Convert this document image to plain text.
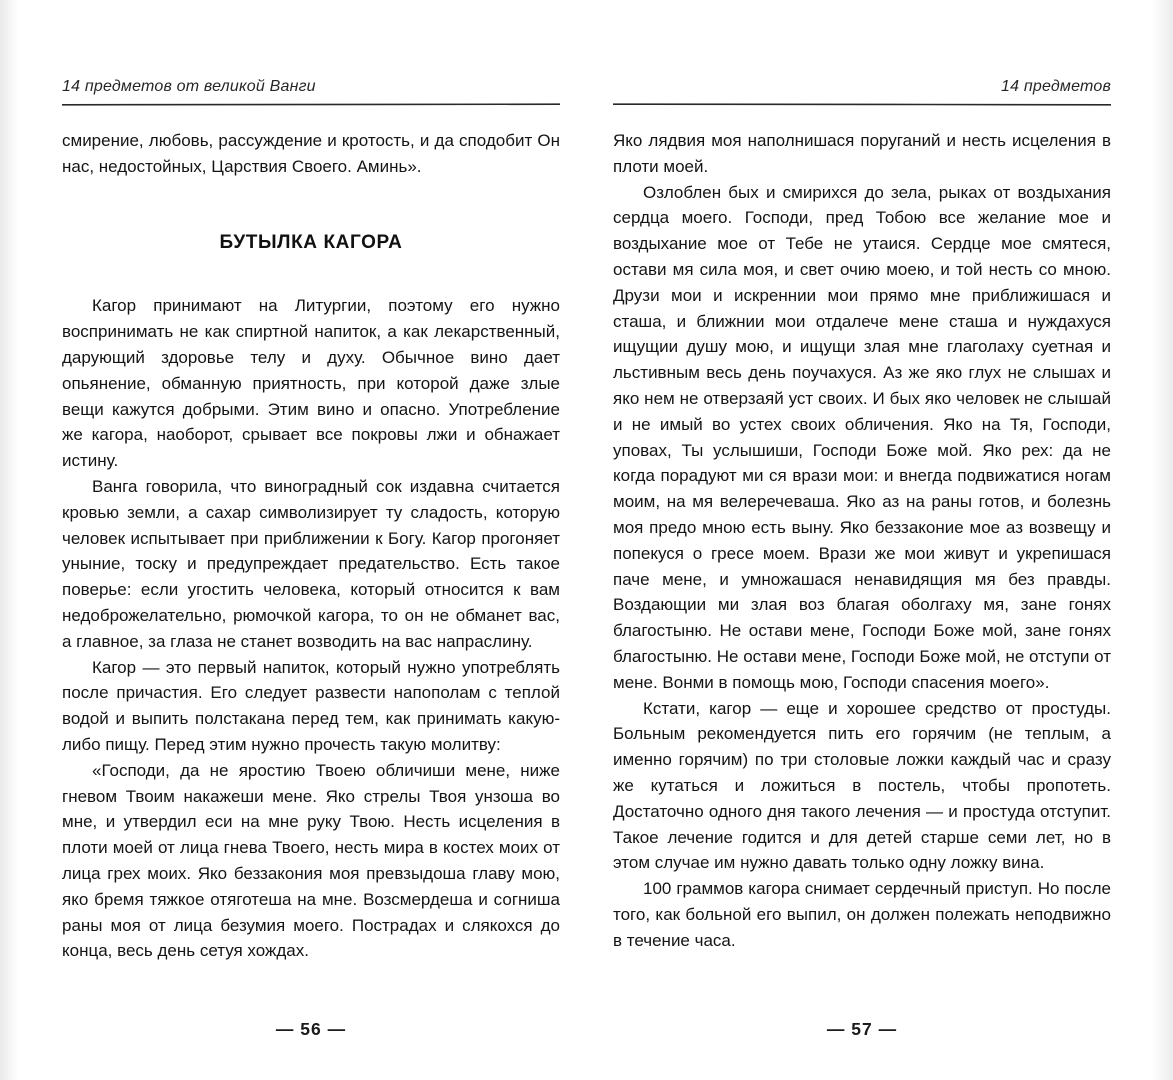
14 предметов от великой Ванги

смирение, любовь, рассуждение и кротость, и да сподобит Он нас, недостойных, Царствия Своего. Аминь».

БУТЫЛКА КАГОРА

Кагор принимают на Литургии, поэтому его нужно воспринимать не как спиртной напиток, а как лекарственный, дарующий здоровье телу и духу. Обычное вино дает опьянение, обманную приятность, при которой даже злые вещи кажутся добрыми. Этим вино и опасно. Употребление же кагора, наоборот, срывает все покровы лжи и обнажает истину.

Ванга говорила, что виноградный сок издавна считается кровью земли, а сахар символизирует ту сладость, которую человек испытывает при приближении к Богу. Кагор прогоняет уныние, тоску и предупреждает предательство. Есть такое поверье: если угостить человека, который относится к вам недоброжелательно, рюмочкой кагора, то он не обманет вас, а главное, за глаза не станет возводить на вас напраслину.

Кагор — это первый напиток, который нужно употреблять после причастия. Его следует развести напополам с теплой водой и выпить полстакана перед тем, как принимать какую-либо пищу. Перед этим нужно прочесть такую молитву:

«Господи, да не яростию Твоею обличиши мене, ниже гневом Твоим накажеши мене. Яко стрелы Твоя унзоша во мне, и утвердил еси на мне руку Твою. Несть исцеления в плоти моей от лица гнева Твоего, несть мира в костех моих от лица грех моих. Яко беззакония моя превзыдоша главу мою, яко бремя тяжкое отяготеша на мне. Возсмердеша и согниша раны моя от лица безумия моего. Пострадах и слякохся до конца, весь день сетуя хождах.

— 56 —
14 предметов

Яко лядвия моя наполнишася поруганий и несть исцеления в плоти моей.

Озлоблен бых и смирихся до зела, рыках от воздыхания сердца моего. Господи, пред Тобою все желание мое и воздыхание мое от Тебе не утаися. Сердце мое смятеся, остави мя сила моя, и свет очию моею, и той несть со мною. Друзи мои и искреннии мои прямо мне приближишася и сташа, и ближнии мои отдалече мене сташа и нуждахуся ищущии душу мою, и ищущи злая мне глаголаху суетная и льстивным весь день поучахуся. Аз же яко глух не слышах и яко нем не отверзаяй уст своих. И бых яко человек не слышай и не имый во устех своих обличения. Яко на Тя, Господи, уповах, Ты услышиши, Господи Боже мой. Яко рех: да не когда порадуют ми ся врази мои: и внегда подвижатися ногам моим, на мя велеречеваша. Яко аз на раны готов, и болезнь моя предо мною есть выну. Яко беззаконие мое аз возвещу и попекуся о гресе моем. Врази же мои живут и укрепишася паче мене, и умножашася ненавидящия мя без правды. Воздающии ми злая воз благая оболгаху мя, зане гонях благостыню. Не остави мене, Господи Боже мой, зане гонях благостыню. Не остави мене, Господи Боже мой, не отступи от мене. Вонми в помощь мою, Господи спасения моего».

Кстати, кагор — еще и хорошее средство от простуды. Больным рекомендуется пить его горячим (не теплым, а именно горячим) по три столовые ложки каждый час и сразу же кутаться и ложиться в постель, чтобы пропотеть. Достаточно одного дня такого лечения — и простуда отступит. Такое лечение годится и для детей старше семи лет, но в этом случае им нужно давать только одну ложку вина.

100 граммов кагора снимает сердечный приступ. Но после того, как больной его выпил, он должен полежать неподвижно в течение часа.

— 57 —
